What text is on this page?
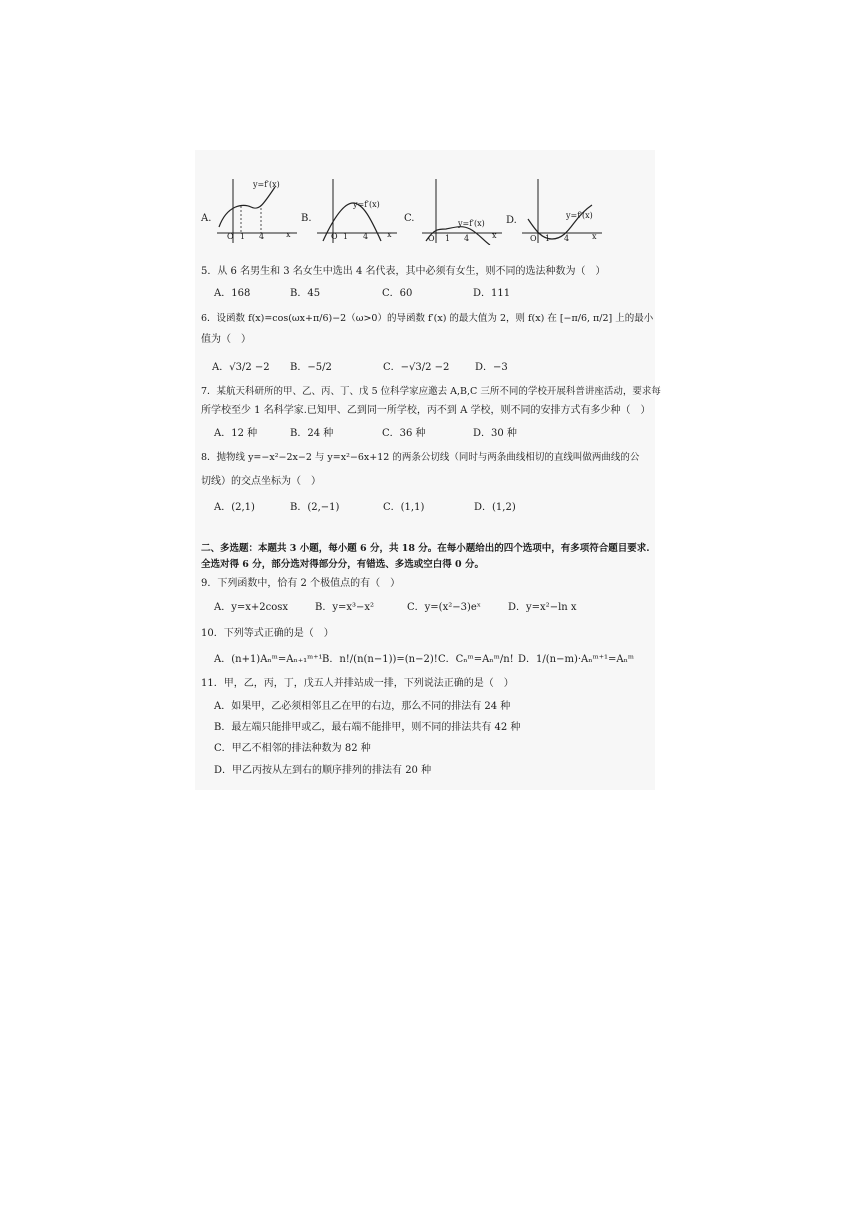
A.
y=f′(x)
O 1 4	x
B.
y=f′(x)
O 1 4 x
C.	y=f′(x)
O 1 4	x
D.	y=f′(x)
O 1 4	x
5．从 6 名男生和 3 名女生中选出 4 名代表，其中必须有女生，则不同的选法种数为（　）
A．168	B．45	C．60	D．111
6．设函数 f(x)=cos(ωx+π/6)−2（ω>0）的导函数 f′(x) 的最大值为 2，则 f(x) 在 [−π/6, π/2] 上的最小
值为（　）
A．√3/2 −2 B．−5/2	C．−√3/2 −2	D．−3
7．某航天科研所的甲、乙、丙、丁、戊 5 位科学家应邀去 A,B,C 三所不同的学校开展科普讲座活动，要求每
所学校至少 1 名科学家.已知甲、乙到同一所学校，丙不到 A 学校，则不同的安排方式有多少种（　）
A．12 种	B．24 种	C．36 种	D．30 种
8．抛物线 y=−x²−2x−2 与 y=x²−6x+12 的两条公切线（同时与两条曲线相切的直线叫做两曲线的公
切线）的交点坐标为（　）
A．(2,1)	B．(2,−1)	C．(1,1)	D．(1,2)
二、多选题：本题共 3 小题，每小题 6 分，共 18 分。在每小题给出的四个选项中，有多项符合题目要求.
全选对得 6 分，部分选对得部分分，有错选、多选或空白得 0 分。
9．下列函数中，恰有 2 个极值点的有（　）
A．y=x+2cosx	B．y=x³−x²	C．y=(x²−3)eˣ	D．y=x²−ln x
10．下列等式正确的是（　）
A．(n+1)Aₙᵐ=Aₙ₊₁ᵐ⁺¹ B．n!/(n(n−1))=(n−2)! C．Cₙᵐ=Aₙᵐ/n! D．1/(n−m)·Aₙᵐ⁺¹=Aₙᵐ
11．甲，乙，丙，丁，戊五人并排站成一排，下列说法正确的是（　）
A．如果甲，乙必须相邻且乙在甲的右边，那么不同的排法有 24 种
B．最左端只能排甲或乙，最右端不能排甲，则不同的排法共有 42 种
C．甲乙不相邻的排法种数为 82 种
D．甲乙丙按从左到右的顺序排列的排法有 20 种
